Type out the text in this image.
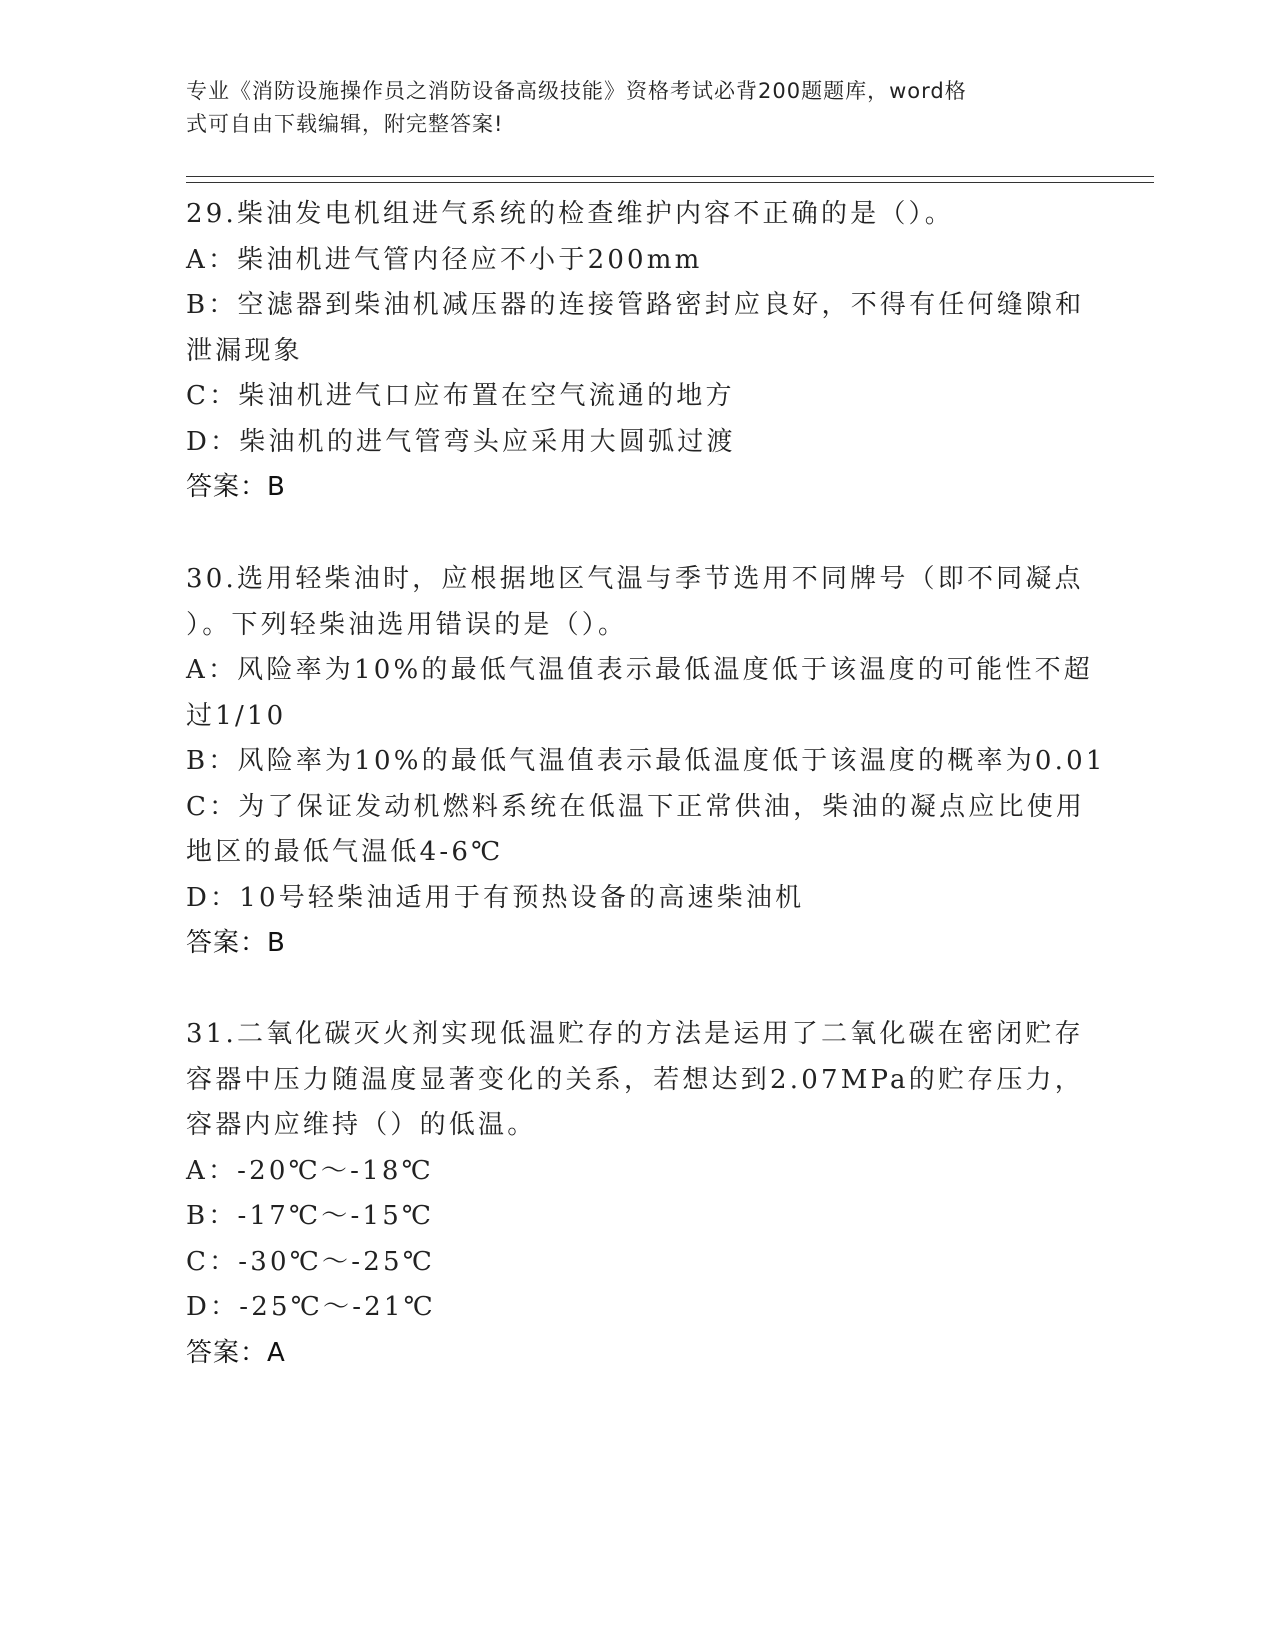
专业《消防设施操作员之消防设备高级技能》资格考试必背200题题库，word格
式可自由下载编辑，附完整答案!
29.柴油发电机组进气系统的检查维护内容不正确的是（）。
A：柴油机进气管内径应不小于200mm
B：空滤器到柴油机减压器的连接管路密封应良好，不得有任何缝隙和
泄漏现象
C：柴油机进气口应布置在空气流通的地方
D：柴油机的进气管弯头应采用大圆弧过渡
答案：B
30.选用轻柴油时，应根据地区气温与季节选用不同牌号（即不同凝点
）。下列轻柴油选用错误的是（）。
A：风险率为10%的最低气温值表示最低温度低于该温度的可能性不超
过1/10
B：风险率为10%的最低气温值表示最低温度低于该温度的概率为0.01
C：为了保证发动机燃料系统在低温下正常供油，柴油的凝点应比使用
地区的最低气温低4-6℃
D：10号轻柴油适用于有预热设备的高速柴油机
答案：B
31.二氧化碳灭火剂实现低温贮存的方法是运用了二氧化碳在密闭贮存
容器中压力随温度显著变化的关系，若想达到2.07MPa的贮存压力，
容器内应维持（）的低温。
A：-20℃～-18℃
B：-17℃～-15℃
C：-30℃～-25℃
D：-25℃～-21℃
答案：A
